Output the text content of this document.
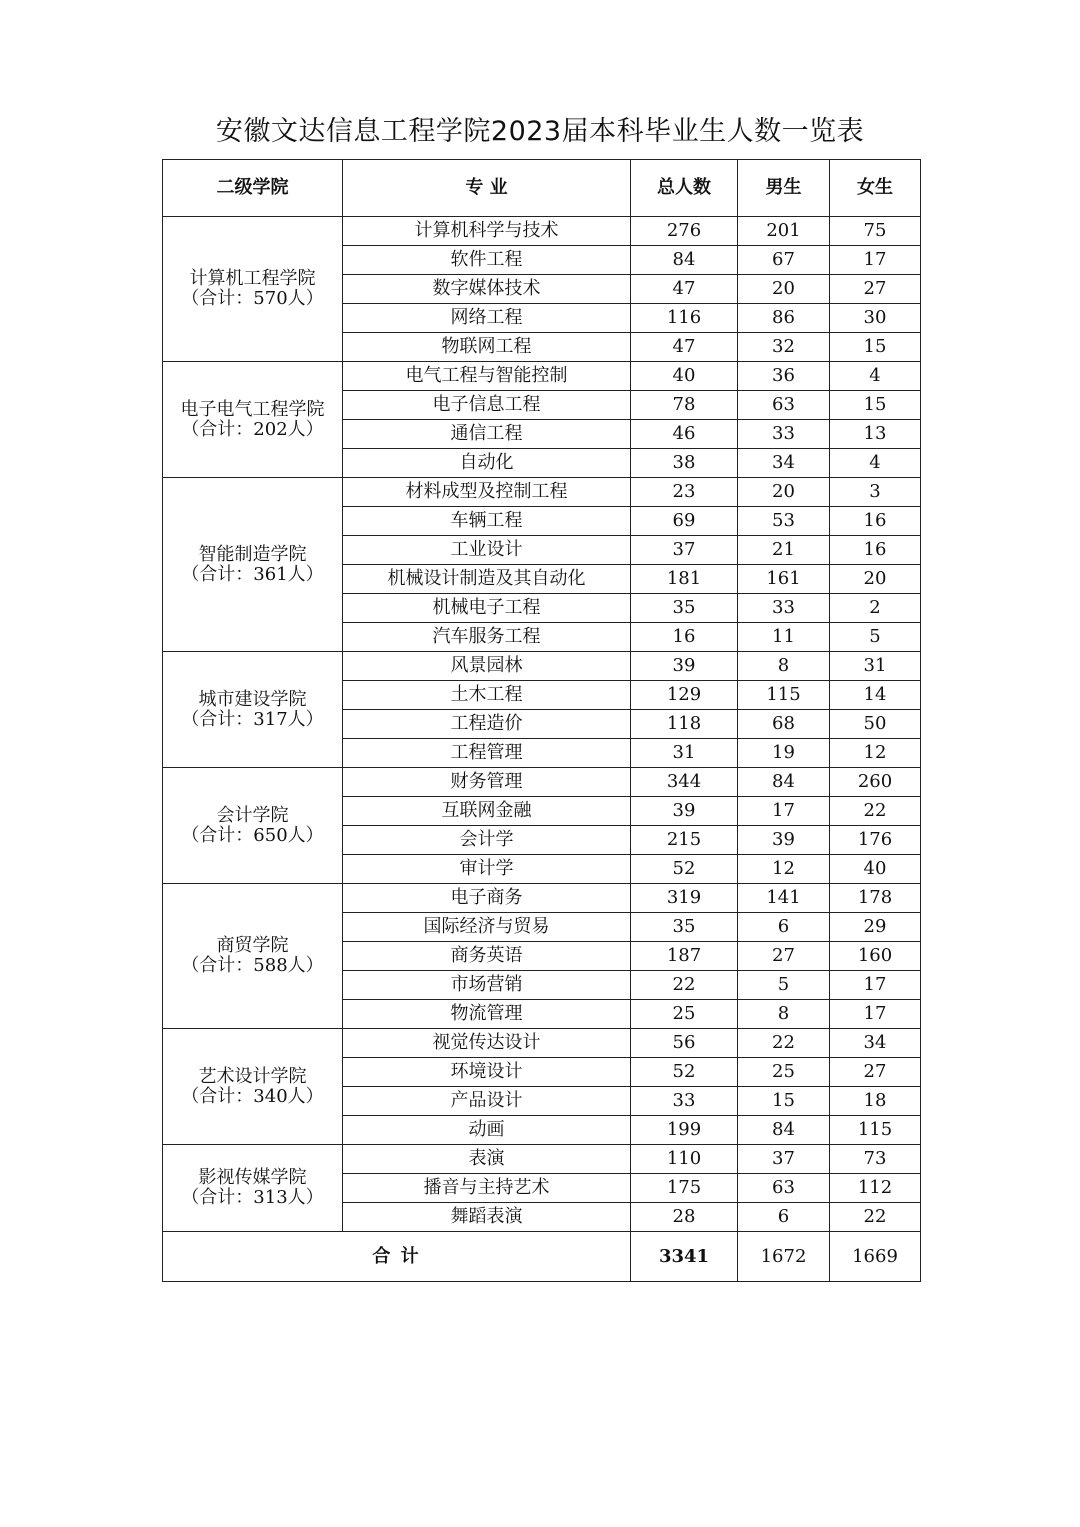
安徽文达信息工程学院2023届本科毕业生人数一览表
二级学院	专 业	总人数	男生	女生

计算机工程学院
（合计：570人）	计算机科学与技术	276	201	75
	软件工程	84	67	17
	数字媒体技术	47	20	27
	网络工程	116	86	30
	物联网工程	47	32	15

电子电气工程学院
（合计：202人）	电气工程与智能控制	40	36	4
	电子信息工程	78	63	15
	通信工程	46	33	13
	自动化	38	34	4

智能制造学院
（合计：361人）	材料成型及控制工程	23	20	3
	车辆工程	69	53	16
	工业设计	37	21	16
	机械设计制造及其自动化	181	161	20
	机械电子工程	35	33	2
	汽车服务工程	16	11	5

城市建设学院
（合计：317人）	风景园林	39	8	31
	土木工程	129	115	14
	工程造价	118	68	50
	工程管理	31	19	12

会计学院
（合计：650人）	财务管理	344	84	260
	互联网金融	39	17	22
	会计学	215	39	176
	审计学	52	12	40

商贸学院
（合计：588人）	电子商务	319	141	178
	国际经济与贸易	35	6	29
	商务英语	187	27	160
	市场营销	22	5	17
	物流管理	25	8	17

艺术设计学院
（合计：340人）	视觉传达设计	56	22	34
	环境设计	52	25	27
	产品设计	33	15	18
	动画	199	84	115

影视传媒学院
（合计：313人）	表演	110	37	73
	播音与主持艺术	175	63	112
	舞蹈表演	28	6	22
合 计		3341	1672	1669
